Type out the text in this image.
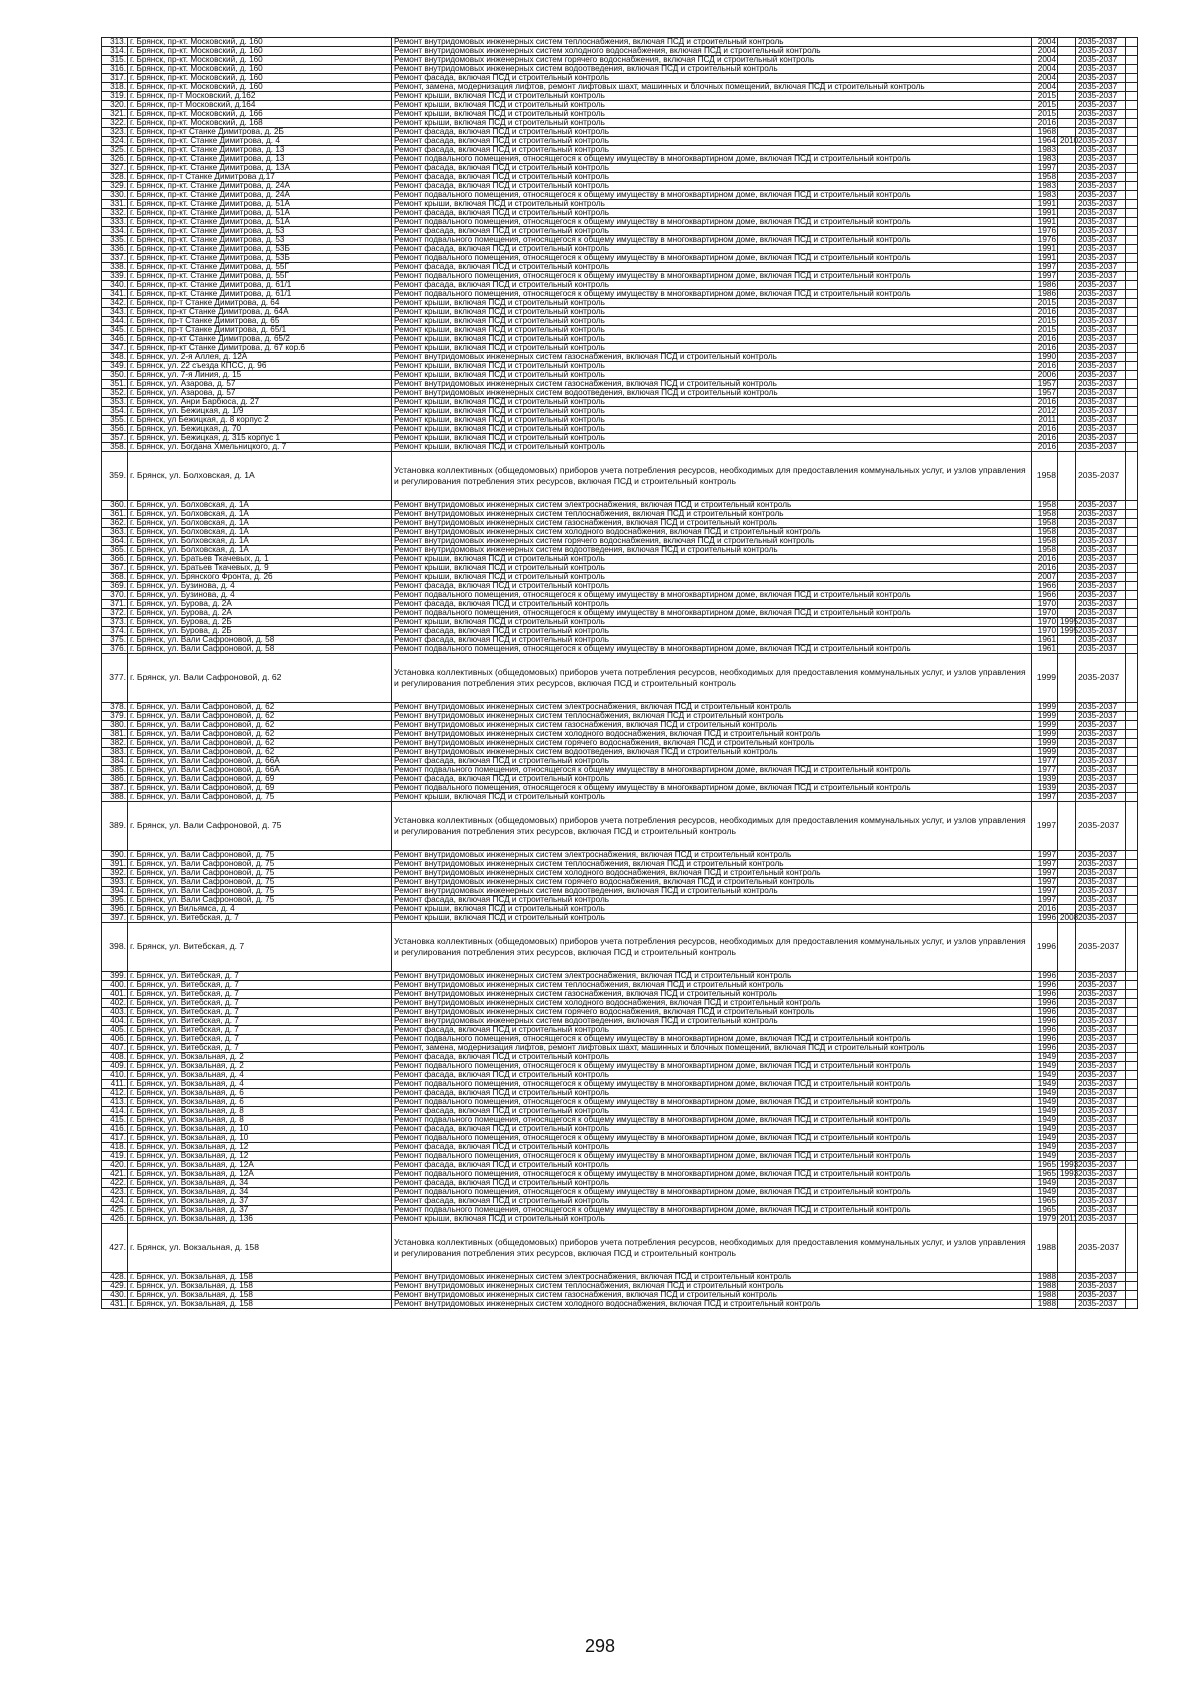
313.	г. Брянск, пр-кт. Московский, д. 160	Ремонт внутридомовых инженерных систем теплоснабжения, включая ПСД и строительный контроль	2004		2035-2037	
314.	г. Брянск, пр-кт. Московский, д. 160	Ремонт внутридомовых инженерных систем холодного водоснабжения, включая ПСД и строительный контроль	2004		2035-2037	
315.	г. Брянск, пр-кт. Московский, д. 160	Ремонт внутридомовых инженерных систем горячего водоснабжения, включая ПСД и строительный контроль	2004		2035-2037	
316.	г. Брянск, пр-кт. Московский, д. 160	Ремонт внутридомовых инженерных систем водоотведения, включая ПСД и строительный контроль	2004		2035-2037	
317.	г. Брянск, пр-кт. Московский, д. 160	Ремонт фасада, включая ПСД и строительный контроль	2004		2035-2037	
318.	г. Брянск, пр-кт. Московский, д. 160	Ремонт, замена, модернизация лифтов, ремонт лифтовых шахт, машинных и блочных помещений, включая ПСД и строительный контроль	2004		2035-2037	
319.	г. Брянск, пр-т Московский, д.162	Ремонт крыши, включая ПСД и строительный контроль	2015		2035-2037	
320.	г. Брянск, пр-т Московский, д.164	Ремонт крыши, включая ПСД и строительный контроль	2015		2035-2037	
321.	г. Брянск, пр-кт. Московский, д. 166	Ремонт крыши, включая ПСД и строительный контроль	2015		2035-2037	
322.	г. Брянск, пр-кт. Московский, д. 168	Ремонт крыши, включая ПСД и строительный контроль	2016		2035-2037	
323.	г. Брянск, пр-кт Станке Димитрова, д. 2Б	Ремонт фасада, включая ПСД и строительный контроль	1968		2035-2037	
324.	г. Брянск, пр-кт. Станке Димитрова, д. 4	Ремонт фасада, включая ПСД и строительный контроль	1964	2010	2035-2037	
325.	г. Брянск, пр-кт. Станке Димитрова, д. 13	Ремонт фасада, включая ПСД и строительный контроль	1983		2035-2037	
326.	г. Брянск, пр-кт. Станке Димитрова, д. 13	Ремонт подвального помещения, относящегося к общему имуществу в многоквартирном доме, включая ПСД и строительный контроль	1983		2035-2037	
327.	г. Брянск, пр-кт. Станке Димитрова, д. 13А	Ремонт фасада, включая ПСД и строительный контроль	1997		2035-2037	
328.	г. Брянск, пр-т Станке Димитрова д.17	Ремонт фасада, включая ПСД и строительный контроль	1958		2035-2037	
329.	г. Брянск, пр-кт. Станке Димитрова, д. 24А	Ремонт фасада, включая ПСД и строительный контроль	1983		2035-2037	
330.	г. Брянск, пр-кт. Станке Димитрова, д. 24А	Ремонт подвального помещения, относящегося к общему имуществу в многоквартирном доме, включая ПСД и строительный контроль	1983		2035-2037	
331.	г. Брянск, пр-кт. Станке Димитрова, д. 51А	Ремонт крыши, включая ПСД и строительный контроль	1991		2035-2037	
332.	г. Брянск, пр-кт. Станке Димитрова, д. 51А	Ремонт фасада, включая ПСД и строительный контроль	1991		2035-2037	
333.	г. Брянск, пр-кт. Станке Димитрова, д. 51А	Ремонт подвального помещения, относящегося к общему имуществу в многоквартирном доме, включая ПСД и строительный контроль	1991		2035-2037	
334.	г. Брянск, пр-кт. Станке Димитрова, д. 53	Ремонт фасада, включая ПСД и строительный контроль	1976		2035-2037	
335.	г. Брянск, пр-кт. Станке Димитрова, д. 53	Ремонт подвального помещения, относящегося к общему имуществу в многоквартирном доме, включая ПСД и строительный контроль	1976		2035-2037	
336.	г. Брянск, пр-кт. Станке Димитрова, д. 53Б	Ремонт фасада, включая ПСД и строительный контроль	1991		2035-2037	
337.	г. Брянск, пр-кт. Станке Димитрова, д. 53Б	Ремонт подвального помещения, относящегося к общему имуществу в многоквартирном доме, включая ПСД и строительный контроль	1991		2035-2037	
338.	г. Брянск, пр-кт. Станке Димитрова, д. 55Г	Ремонт фасада, включая ПСД и строительный контроль	1997		2035-2037	
339.	г. Брянск, пр-кт. Станке Димитрова, д. 55Г	Ремонт подвального помещения, относящегося к общему имуществу в многоквартирном доме, включая ПСД и строительный контроль	1997		2035-2037	
340.	г. Брянск, пр-кт. Станке Димитрова, д. 61/1	Ремонт фасада, включая ПСД и строительный контроль	1986		2035-2037	
341.	г. Брянск, пр-кт. Станке Димитрова, д. 61/1	Ремонт подвального помещения, относящегося к общему имуществу в многоквартирном доме, включая ПСД и строительный контроль	1986		2035-2037	
342.	г. Брянск, пр-т Станке Димитрова, д. 64	Ремонт крыши, включая ПСД и строительный контроль	2015		2035-2037	
343.	г. Брянск, пр-кт Станке Димитрова, д. 64А	Ремонт крыши, включая ПСД и строительный контроль	2016		2035-2037	
344.	г. Брянск, пр-т Станке Димитрова, д. 65	Ремонт крыши, включая ПСД и строительный контроль	2015		2035-2037	
345.	г. Брянск, пр-т Станке Димитрова, д. 65/1	Ремонт крыши, включая ПСД и строительный контроль	2015		2035-2037	
346.	г. Брянск, пр-кт Станке Димитрова, д. 65/2	Ремонт крыши, включая ПСД и строительный контроль	2016		2035-2037	
347.	г. Брянск, пр-кт Станке Димитрова, д. 67 кор.6	Ремонт крыши, включая ПСД и строительный контроль	2016		2035-2037	
348.	г. Брянск, ул. 2-я Аллея, д. 12А	Ремонт внутридомовых инженерных систем газоснабжения, включая ПСД и строительный контроль	1990		2035-2037	
349.	г. Брянск, ул. 22 съезда КПСС, д. 96	Ремонт крыши, включая ПСД и строительный контроль	2016		2035-2037	
350.	г. Брянск, ул. 7-я Линия, д. 15	Ремонт крыши, включая ПСД и строительный контроль	2006		2035-2037	
351.	г. Брянск, ул. Азарова, д. 57	Ремонт внутридомовых инженерных систем газоснабжения, включая ПСД и строительный контроль	1957		2035-2037	
352.	г. Брянск, ул. Азарова, д. 57	Ремонт внутридомовых инженерных систем водоотведения, включая ПСД и строительный контроль	1957		2035-2037	
353.	г. Брянск, ул. Анри Барбюса, д. 27	Ремонт крыши, включая ПСД и строительный контроль	2016		2035-2037	
354.	г. Брянск, ул. Бежицкая, д. 1/9	Ремонт крыши, включая ПСД и строительный контроль	2012		2035-2037	
355.	г. Брянск, ул Бежицкая, д. 8 корпус 2	Ремонт крыши, включая ПСД и строительный контроль	2011		2035-2037	
356.	г. Брянск, ул. Бежицкая, д. 70	Ремонт крыши, включая ПСД и строительный контроль	2016		2035-2037	
357.	г. Брянск, ул. Бежицкая, д. 315 корпус 1	Ремонт крыши, включая ПСД и строительный контроль	2016		2035-2037	
358.	г. Брянск, ул. Богдана Хмельницкого, д. 7	Ремонт крыши, включая ПСД и строительный контроль	2016		2035-2037	
359.	г. Брянск, ул. Болховская, д. 1А	Установка коллективных (общедомовых) приборов учета потребления ресурсов, необходимых для предоставления коммунальных услуг, и узлов управления и регулирования потребления этих ресурсов, включая ПСД и строительный контроль	1958		2035-2037	
360.	г. Брянск, ул. Болховская, д. 1А	Ремонт внутридомовых инженерных систем электроснабжения, включая ПСД и строительный контроль	1958		2035-2037	
361.	г. Брянск, ул. Болховская, д. 1А	Ремонт внутридомовых инженерных систем теплоснабжения, включая ПСД и строительный контроль	1958		2035-2037	
362.	г. Брянск, ул. Болховская, д. 1А	Ремонт внутридомовых инженерных систем газоснабжения, включая ПСД и строительный контроль	1958		2035-2037	
363.	г. Брянск, ул. Болховская, д. 1А	Ремонт внутридомовых инженерных систем холодного водоснабжения, включая ПСД и строительный контроль	1958		2035-2037	
364.	г. Брянск, ул. Болховская, д. 1А	Ремонт внутридомовых инженерных систем горячего водоснабжения, включая ПСД и строительный контроль	1958		2035-2037	
365.	г. Брянск, ул. Болховская, д. 1А	Ремонт внутридомовых инженерных систем водоотведения, включая ПСД и строительный контроль	1958		2035-2037	
366.	г. Брянск, ул. Братьев Ткачевых, д. 1	Ремонт крыши, включая ПСД и строительный контроль	2016		2035-2037	
367.	г. Брянск, ул. Братьев Ткачевых, д. 9	Ремонт крыши, включая ПСД и строительный контроль	2016		2035-2037	
368.	г. Брянск, ул. Брянского Фронта, д. 26	Ремонт крыши, включая ПСД и строительный контроль	2007		2035-2037	
369.	г. Брянск, ул. Бузинова, д. 4	Ремонт фасада, включая ПСД и строительный контроль	1966		2035-2037	
370.	г. Брянск, ул. Бузинова, д. 4	Ремонт подвального помещения, относящегося к общему имуществу в многоквартирном доме, включая ПСД и строительный контроль	1966		2035-2037	
371.	г. Брянск, ул. Бурова, д. 2А	Ремонт фасада, включая ПСД и строительный контроль	1970		2035-2037	
372.	г. Брянск, ул. Бурова, д. 2А	Ремонт подвального помещения, относящегося к общему имуществу в многоквартирном доме, включая ПСД и строительный контроль	1970		2035-2037	
373.	г. Брянск, ул. Бурова, д. 2Б	Ремонт крыши, включая ПСД и строительный контроль	1970	1995	2035-2037	
374.	г. Брянск, ул. Бурова, д. 2Б	Ремонт фасада, включая ПСД и строительный контроль	1970	1995	2035-2037	
375.	г. Брянск, ул. Вали Сафроновой, д. 58	Ремонт фасада, включая ПСД и строительный контроль	1961		2035-2037	
376.	г. Брянск, ул. Вали Сафроновой, д. 58	Ремонт подвального помещения, относящегося к общему имуществу в многоквартирном доме, включая ПСД и строительный контроль	1961		2035-2037	
377.	г. Брянск, ул. Вали Сафроновой, д. 62	Установка коллективных (общедомовых) приборов учета потребления ресурсов, необходимых для предоставления коммунальных услуг, и узлов управления и регулирования потребления этих ресурсов, включая ПСД и строительный контроль	1999		2035-2037	
378.	г. Брянск, ул. Вали Сафроновой, д. 62	Ремонт внутридомовых инженерных систем электроснабжения, включая ПСД и строительный контроль	1999		2035-2037	
379.	г. Брянск, ул. Вали Сафроновой, д. 62	Ремонт внутридомовых инженерных систем теплоснабжения, включая ПСД и строительный контроль	1999		2035-2037	
380.	г. Брянск, ул. Вали Сафроновой, д. 62	Ремонт внутридомовых инженерных систем газоснабжения, включая ПСД и строительный контроль	1999		2035-2037	
381.	г. Брянск, ул. Вали Сафроновой, д. 62	Ремонт внутридомовых инженерных систем холодного водоснабжения, включая ПСД и строительный контроль	1999		2035-2037	
382.	г. Брянск, ул. Вали Сафроновой, д. 62	Ремонт внутридомовых инженерных систем горячего водоснабжения, включая ПСД и строительный контроль	1999		2035-2037	
383.	г. Брянск, ул. Вали Сафроновой, д. 62	Ремонт внутридомовых инженерных систем водоотведения, включая ПСД и строительный контроль	1999		2035-2037	
384.	г. Брянск, ул. Вали Сафроновой, д. 66А	Ремонт фасада, включая ПСД и строительный контроль	1977		2035-2037	
385.	г. Брянск, ул. Вали Сафроновой, д. 66А	Ремонт подвального помещения, относящегося к общему имуществу в многоквартирном доме, включая ПСД и строительный контроль	1977		2035-2037	
386.	г. Брянск, ул. Вали Сафроновой, д. 69	Ремонт фасада, включая ПСД и строительный контроль	1939		2035-2037	
387.	г. Брянск, ул. Вали Сафроновой, д. 69	Ремонт подвального помещения, относящегося к общему имуществу в многоквартирном доме, включая ПСД и строительный контроль	1939		2035-2037	
388.	г. Брянск, ул. Вали Сафроновой, д. 75	Ремонт крыши, включая ПСД и строительный контроль	1997		2035-2037	
389.	г. Брянск, ул. Вали Сафроновой, д. 75	Установка коллективных (общедомовых) приборов учета потребления ресурсов, необходимых для предоставления коммунальных услуг, и узлов управления и регулирования потребления этих ресурсов, включая ПСД и строительный контроль	1997		2035-2037	
390.	г. Брянск, ул. Вали Сафроновой, д. 75	Ремонт внутридомовых инженерных систем электроснабжения, включая ПСД и строительный контроль	1997		2035-2037	
391.	г. Брянск, ул. Вали Сафроновой, д. 75	Ремонт внутридомовых инженерных систем теплоснабжения, включая ПСД и строительный контроль	1997		2035-2037	
392.	г. Брянск, ул. Вали Сафроновой, д. 75	Ремонт внутридомовых инженерных систем холодного водоснабжения, включая ПСД и строительный контроль	1997		2035-2037	
393.	г. Брянск, ул. Вали Сафроновой, д. 75	Ремонт внутридомовых инженерных систем горячего водоснабжения, включая ПСД и строительный контроль	1997		2035-2037	
394.	г. Брянск, ул. Вали Сафроновой, д. 75	Ремонт внутридомовых инженерных систем водоотведения, включая ПСД и строительный контроль	1997		2035-2037	
395.	г. Брянск, ул. Вали Сафроновой, д. 75	Ремонт фасада, включая ПСД и строительный контроль	1997		2035-2037	
396.	г. Брянск, ул Вильямса, д. 4	Ремонт крыши, включая ПСД и строительный контроль	2016		2035-2037	
397.	г. Брянск, ул. Витебская, д. 7	Ремонт крыши, включая ПСД и строительный контроль	1996	2008	2035-2037	
398.	г. Брянск, ул. Витебская, д. 7	Установка коллективных (общедомовых) приборов учета потребления ресурсов, необходимых для предоставления коммунальных услуг, и узлов управления и регулирования потребления этих ресурсов, включая ПСД и строительный контроль	1996		2035-2037	
399.	г. Брянск, ул. Витебская, д. 7	Ремонт внутридомовых инженерных систем электроснабжения, включая ПСД и строительный контроль	1996		2035-2037	
400.	г. Брянск, ул. Витебская, д. 7	Ремонт внутридомовых инженерных систем теплоснабжения, включая ПСД и строительный контроль	1996		2035-2037	
401.	г. Брянск, ул. Витебская, д. 7	Ремонт внутридомовых инженерных систем газоснабжения, включая ПСД и строительный контроль	1996		2035-2037	
402.	г. Брянск, ул. Витебская, д. 7	Ремонт внутридомовых инженерных систем холодного водоснабжения, включая ПСД и строительный контроль	1996		2035-2037	
403.	г. Брянск, ул. Витебская, д. 7	Ремонт внутридомовых инженерных систем горячего водоснабжения, включая ПСД и строительный контроль	1996		2035-2037	
404.	г. Брянск, ул. Витебская, д. 7	Ремонт внутридомовых инженерных систем водоотведения, включая ПСД и строительный контроль	1996		2035-2037	
405.	г. Брянск, ул. Витебская, д. 7	Ремонт фасада, включая ПСД и строительный контроль	1996		2035-2037	
406.	г. Брянск, ул. Витебская, д. 7	Ремонт подвального помещения, относящегося к общему имуществу в многоквартирном доме, включая ПСД и строительный контроль	1996		2035-2037	
407.	г. Брянск, ул. Витебская, д. 7	Ремонт, замена, модернизация лифтов, ремонт лифтовых шахт, машинных и блочных помещений, включая ПСД и строительный контроль	1996		2035-2037	
408.	г. Брянск, ул. Вокзальная, д. 2	Ремонт фасада, включая ПСД и строительный контроль	1949		2035-2037	
409.	г. Брянск, ул. Вокзальная, д. 2	Ремонт подвального помещения, относящегося к общему имуществу в многоквартирном доме, включая ПСД и строительный контроль	1949		2035-2037	
410.	г. Брянск, ул. Вокзальная, д. 4	Ремонт фасада, включая ПСД и строительный контроль	1949		2035-2037	
411.	г. Брянск, ул. Вокзальная, д. 4	Ремонт подвального помещения, относящегося к общему имуществу в многоквартирном доме, включая ПСД и строительный контроль	1949		2035-2037	
412.	г. Брянск, ул. Вокзальная, д. 6	Ремонт фасада, включая ПСД и строительный контроль	1949		2035-2037	
413.	г. Брянск, ул. Вокзальная, д. 6	Ремонт подвального помещения, относящегося к общему имуществу в многоквартирном доме, включая ПСД и строительный контроль	1949		2035-2037	
414.	г. Брянск, ул. Вокзальная, д. 8	Ремонт фасада, включая ПСД и строительный контроль	1949		2035-2037	
415.	г. Брянск, ул. Вокзальная, д. 8	Ремонт подвального помещения, относящегося к общему имуществу в многоквартирном доме, включая ПСД и строительный контроль	1949		2035-2037	
416.	г. Брянск, ул. Вокзальная, д. 10	Ремонт фасада, включая ПСД и строительный контроль	1949		2035-2037	
417.	г. Брянск, ул. Вокзальная, д. 10	Ремонт подвального помещения, относящегося к общему имуществу в многоквартирном доме, включая ПСД и строительный контроль	1949		2035-2037	
418.	г. Брянск, ул. Вокзальная, д. 12	Ремонт фасада, включая ПСД и строительный контроль	1949		2035-2037	
419.	г. Брянск, ул. Вокзальная, д. 12	Ремонт подвального помещения, относящегося к общему имуществу в многоквартирном доме, включая ПСД и строительный контроль	1949		2035-2037	
420.	г. Брянск, ул. Вокзальная, д. 12А	Ремонт фасада, включая ПСД и строительный контроль	1965	1993	2035-2037	
421.	г. Брянск, ул. Вокзальная, д. 12А	Ремонт подвального помещения, относящегося к общему имуществу в многоквартирном доме, включая ПСД и строительный контроль	1965	1993	2035-2037	
422.	г. Брянск, ул. Вокзальная, д. 34	Ремонт фасада, включая ПСД и строительный контроль	1949		2035-2037	
423.	г. Брянск, ул. Вокзальная, д. 34	Ремонт подвального помещения, относящегося к общему имуществу в многоквартирном доме, включая ПСД и строительный контроль	1949		2035-2037	
424.	г. Брянск, ул. Вокзальная, д. 37	Ремонт фасада, включая ПСД и строительный контроль	1965		2035-2037	
425.	г. Брянск, ул. Вокзальная, д. 37	Ремонт подвального помещения, относящегося к общему имуществу в многоквартирном доме, включая ПСД и строительный контроль	1965		2035-2037	
426.	г. Брянск, ул. Вокзальная, д. 136	Ремонт крыши, включая ПСД и строительный контроль	1979	2011	2035-2037	
427.	г. Брянск, ул. Вокзальная, д. 158	Установка коллективных (общедомовых) приборов учета потребления ресурсов, необходимых для предоставления коммунальных услуг, и узлов управления и регулирования потребления этих ресурсов, включая ПСД и строительный контроль	1988		2035-2037	
428.	г. Брянск, ул. Вокзальная, д. 158	Ремонт внутридомовых инженерных систем электроснабжения, включая ПСД и строительный контроль	1988		2035-2037	
429.	г. Брянск, ул. Вокзальная, д. 158	Ремонт внутридомовых инженерных систем теплоснабжения, включая ПСД и строительный контроль	1988		2035-2037	
430.	г. Брянск, ул. Вокзальная, д. 158	Ремонт внутридомовых инженерных систем газоснабжения, включая ПСД и строительный контроль	1988		2035-2037	
431.	г. Брянск, ул. Вокзальная, д. 158	Ремонт внутридомовых инженерных систем холодного водоснабжения, включая ПСД и строительный контроль	1988		2035-2037	
298
